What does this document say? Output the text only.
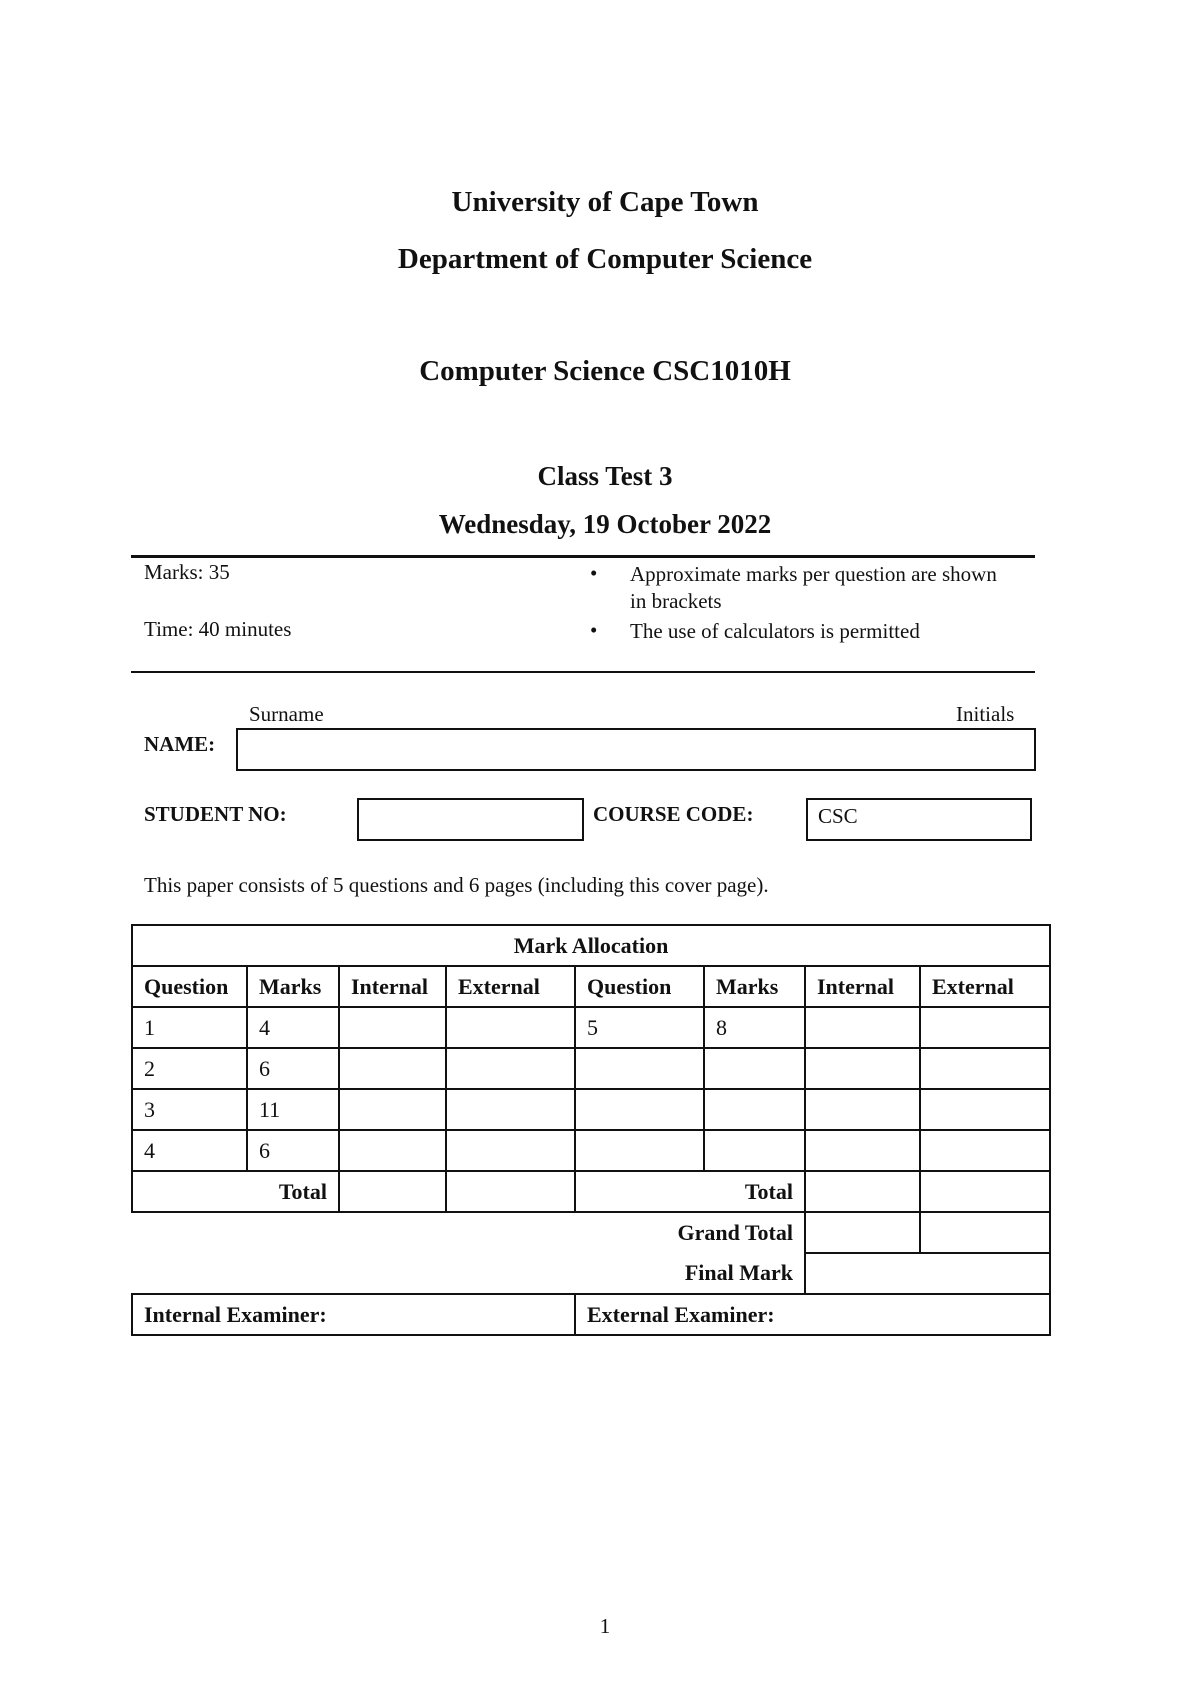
University of Cape Town
Department of Computer Science
Computer Science CSC1010H
Class Test 3
Wednesday, 19 October 2022
Marks: 35
Time: 40 minutes
• Approximate marks per question are shown in brackets
• The use of calculators is permitted
Surname	Initials
NAME:
STUDENT NO:	COURSE CODE:	CSC
This paper consists of 5 questions and 6 pages (including this cover page).
Mark Allocation							
Question	Marks	Internal	External	Question	Marks	Internal	External
1	4			5	8		
2	6						
3	11						
4	6						
Total				Total			
				Grand Total			
				Final Mark			
Internal Examiner:				External Examiner:			
1
